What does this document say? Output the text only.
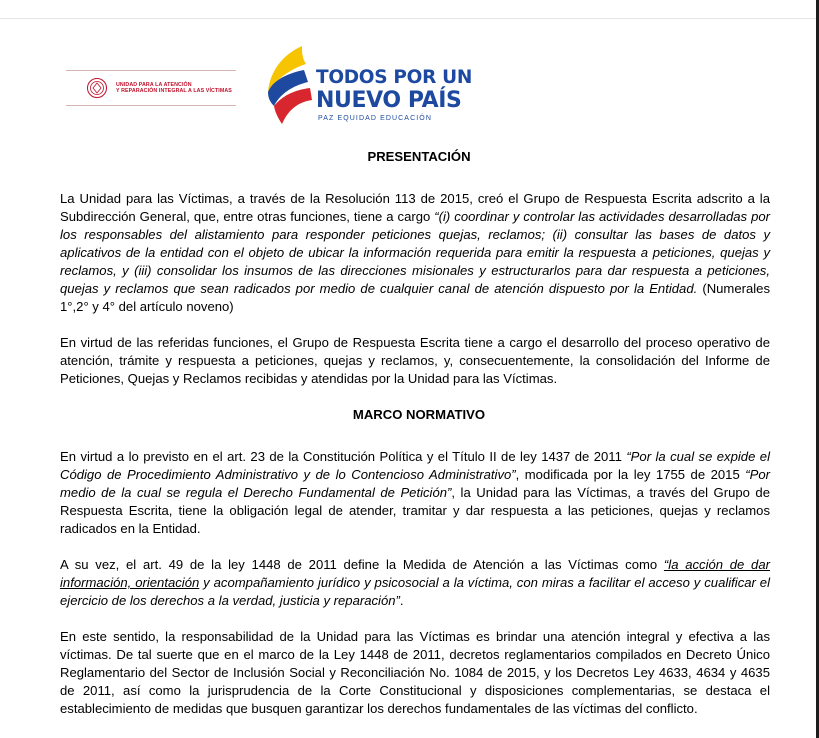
UNIDAD PARA LA ATENCIÓN
Y REPARACIÓN INTEGRAL A LAS VÍCTIMAS
TODOS POR UN
NUEVO PAÍS
PAZ EQUIDAD EDUCACIÓN
PRESENTACIÓN

La Unidad para las Víctimas, a través de la Resolución 113 de 2015, creó el Grupo de Respuesta Escrita adscrito a la Subdirección General, que, entre otras funciones, tiene a cargo “(i) coordinar y controlar las actividades desarrolladas por los responsables del alistamiento para responder peticiones quejas, reclamos; (ii) consultar las bases de datos y aplicativos de la entidad con el objeto de ubicar la información requerida para emitir la respuesta a peticiones, quejas y reclamos, y (iii) consolidar los insumos de las direcciones misionales y estructurarlos para dar respuesta a peticiones, quejas y reclamos que sean radicados por medio de cualquier canal de atención dispuesto por la Entidad. (Numerales 1°,2° y 4° del artículo noveno)

En virtud de las referidas funciones, el Grupo de Respuesta Escrita tiene a cargo el desarrollo del proceso operativo de atención, trámite y respuesta a peticiones, quejas y reclamos, y, consecuentemente, la consolidación del Informe de Peticiones, Quejas y Reclamos recibidas y atendidas por la Unidad para las Víctimas.

MARCO NORMATIVO

En virtud a lo previsto en el art. 23 de la Constitución Política y el Título II de ley 1437 de 2011 “Por la cual se expide el Código de Procedimiento Administrativo y de lo Contencioso Administrativo”, modificada por la ley 1755 de 2015 “Por medio de la cual se regula el Derecho Fundamental de Petición”, la Unidad para las Víctimas, a través del Grupo de Respuesta Escrita, tiene la obligación legal de atender, tramitar y dar respuesta a las peticiones, quejas y reclamos radicados en la Entidad.

A su vez, el art. 49 de la ley 1448 de 2011 define la Medida de Atención a las Víctimas como “la acción de dar información, orientación y acompañamiento jurídico y psicosocial a la víctima, con miras a facilitar el acceso y cualificar el ejercicio de los derechos a la verdad, justicia y reparación”.

En este sentido, la responsabilidad de la Unidad para las Víctimas es brindar una atención integral y efectiva a las víctimas. De tal suerte que en el marco de la Ley 1448 de 2011, decretos reglamentarios compilados en Decreto Único Reglamentario del Sector de Inclusión Social y Reconciliación No. 1084 de 2015, y los Decretos Ley 4633, 4634 y 4635 de 2011, así como la jurisprudencia de la Corte Constitucional y disposiciones complementarias, se destaca el establecimiento de medidas que busquen garantizar los derechos fundamentales de las víctimas del conflicto.
